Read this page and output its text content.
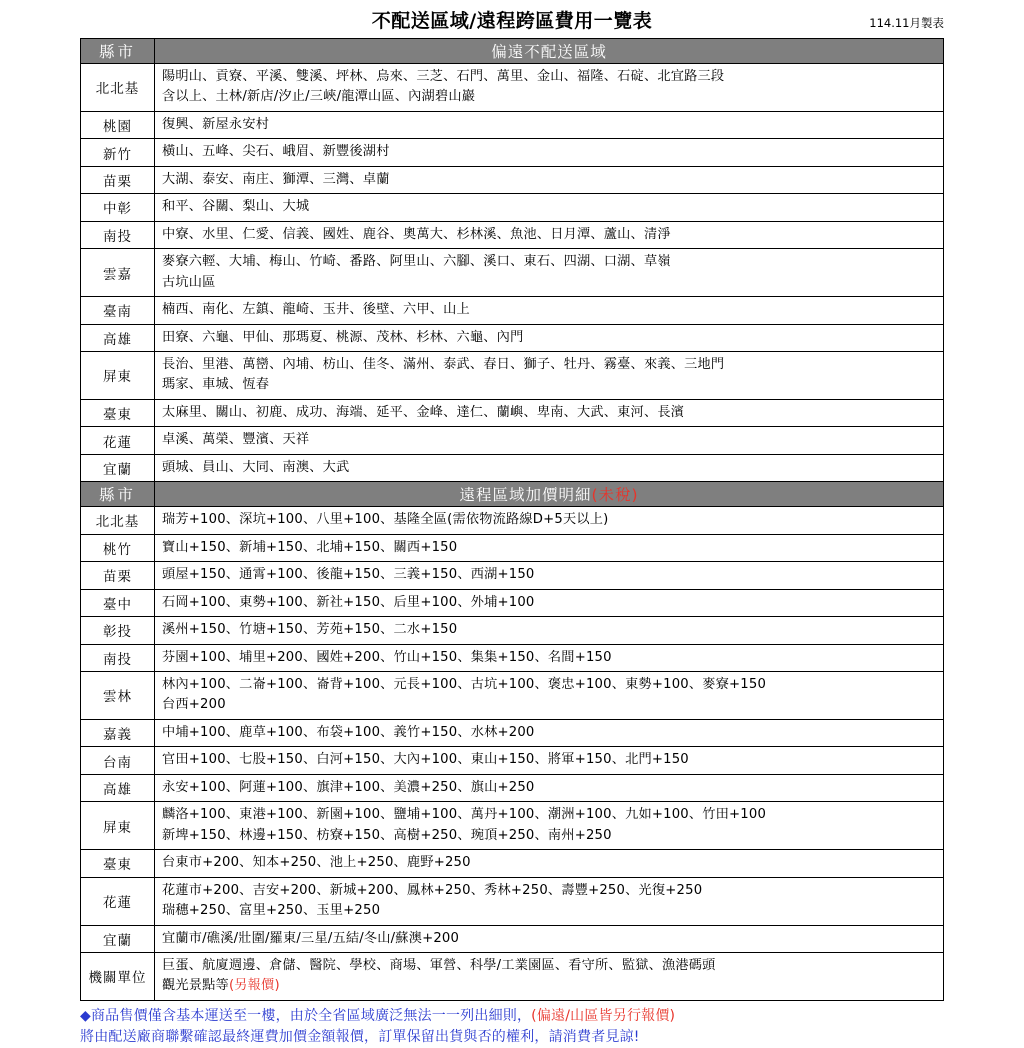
不配送區域/遠程跨區費用一覽表	114.11月製表
縣市	偏遠不配送區域
北北基	陽明山、貢寮、平溪、雙溪、坪林、烏來、三芝、石門、萬里、金山、福隆、石碇、北宜路三段
含以上、土林/新店/汐止/三峽/龍潭山區、內湖碧山巖

桃園	復興、新屋永安村
新竹	橫山、五峰、尖石、峨眉、新豐後湖村
苗栗	大湖、泰安、南庄、獅潭、三灣、卓蘭
中彰	和平、谷關、梨山、大城
南投	中寮、水里、仁愛、信義、國姓、鹿谷、奧萬大、杉林溪、魚池、日月潭、蘆山、清淨
雲嘉	麥寮六輕、大埔、梅山、竹崎、番路、阿里山、六腳、溪口、東石、四湖、口湖、草嶺
古坑山區

臺南	楠西、南化、左鎮、龍崎、玉井、後壁、六甲、山上
高雄	田寮、六龜、甲仙、那瑪夏、桃源、茂林、杉林、六龜、內門
屏東	長治、里港、萬巒、內埔、枋山、佳冬、滿州、泰武、春日、獅子、牡丹、霧臺、來義、三地門
瑪家、車城、恆春

臺東	太麻里、關山、初鹿、成功、海端、延平、金峰、達仁、蘭嶼、卑南、大武、東河、長濱
花蓮	卓溪、萬榮、豐濱、天祥
宜蘭	頭城、員山、大同、南澳、大武
縣市	遠程區域加價明細(未稅)
北北基	瑞芳+100、深坑+100、八里+100、基隆全區(需依物流路線D+5天以上)
桃竹	寶山+150、新埔+150、北埔+150、關西+150
苗栗	頭屋+150、通霄+100、後龍+150、三義+150、西湖+150
臺中	石岡+100、東勢+100、新社+150、后里+100、外埔+100
彰投	溪州+150、竹塘+150、芳苑+150、二水+150
南投	芬園+100、埔里+200、國姓+200、竹山+150、集集+150、名間+150
雲林	林內+100、二崙+100、崙背+100、元長+100、古坑+100、褒忠+100、東勢+100、麥寮+150
台西+200

嘉義	中埔+100、鹿草+100、布袋+100、義竹+150、水林+200
台南	官田+100、七股+150、白河+150、大內+100、東山+150、將軍+150、北門+150
高雄	永安+100、阿蓮+100、旗津+100、美濃+250、旗山+250
屏東	麟洛+100、東港+100、新園+100、鹽埔+100、萬丹+100、潮洲+100、九如+100、竹田+100
新埤+150、林邊+150、枋寮+150、高樹+250、琬頂+250、南州+250

臺東	台東市+200、知本+250、池上+250、鹿野+250
花蓮	花蓮市+200、吉安+200、新城+200、鳳林+250、秀林+250、壽豐+250、光復+250
瑞穗+250、富里+250、玉里+250

宜蘭	宜蘭市/礁溪/壯圍/羅東/三星/五結/冬山/蘇澳+200
機關單位	巨蛋、航廈週邊、倉儲、醫院、學校、商場、軍營、科學/工業園區、看守所、監獄、漁港碼頭
觀光景點等(另報價)
◆商品售價僅含基本運送至一樓，由於全省區域廣泛無法一一列出細則，(偏遠/山區皆另行報價)
將由配送廠商聯繫確認最終運費加價金額報價，訂單保留出貨與否的權利，請消費者見諒!
